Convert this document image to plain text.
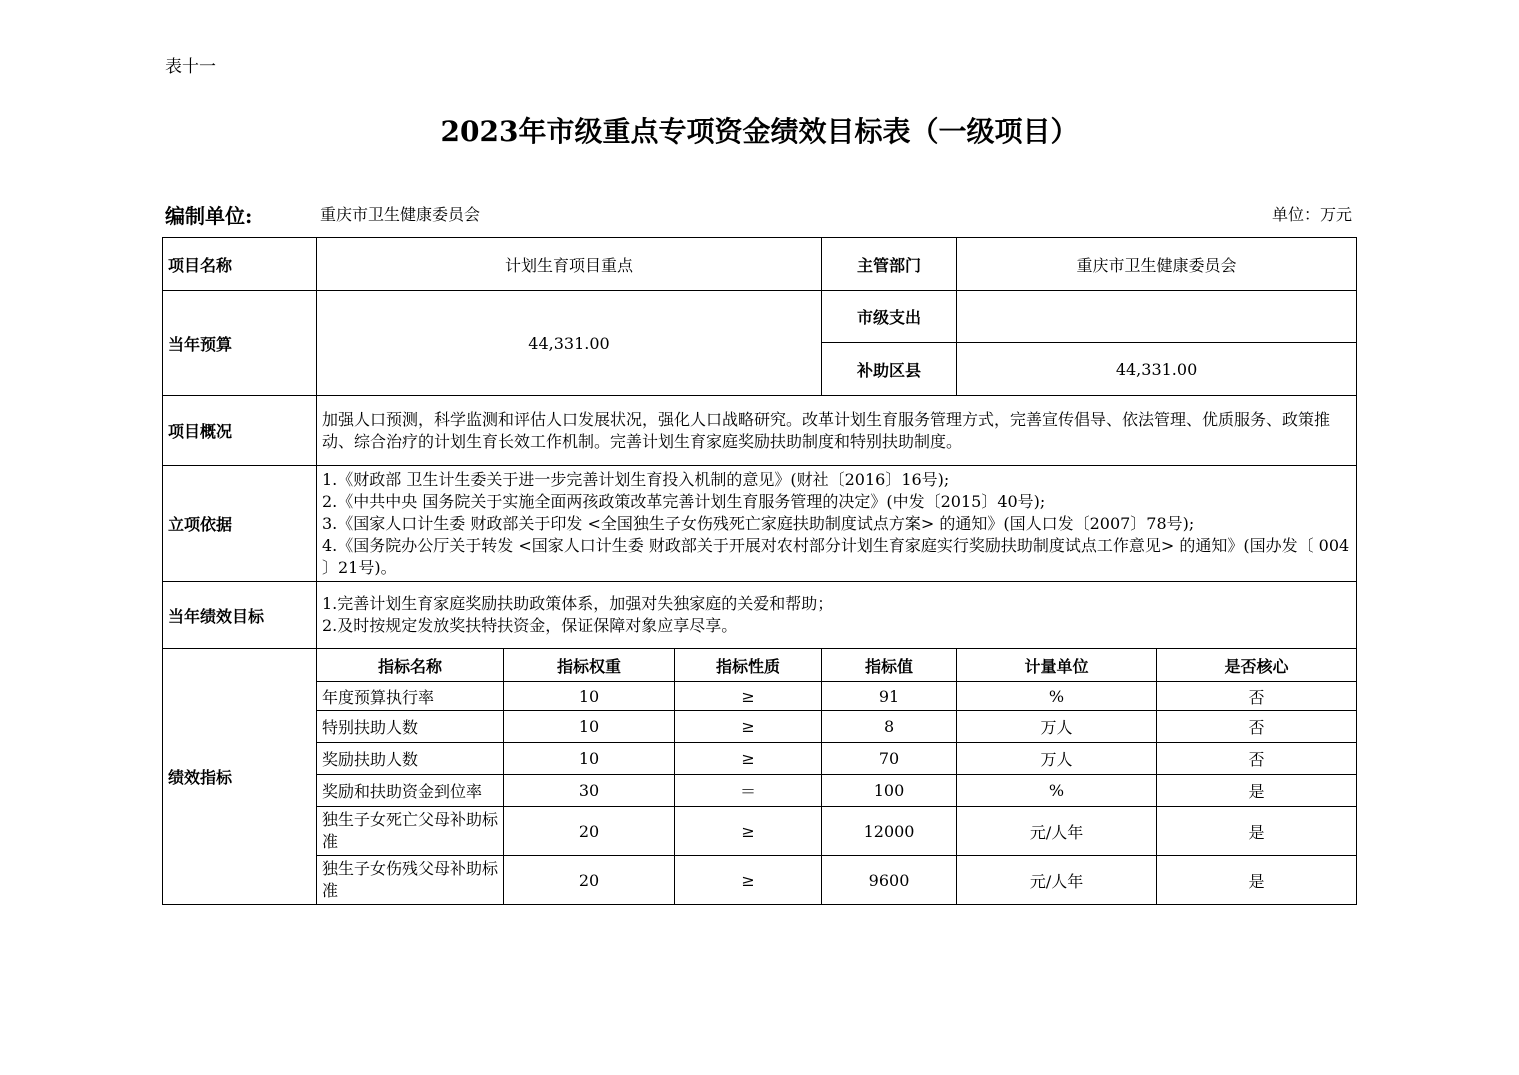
表十一
2023年市级重点专项资金绩效目标表（一级项目）
编制单位:	重庆市卫生健康委员会	单位：万元
项目名称	计划生育项目重点			主管部门	重庆市卫生健康委员会	
当年预算	44,331.00			市级支出		
				补助区县	44,331.00	
项目概况	加强人口预测，科学监测和评估人口发展状况，强化人口战略研究。改革计划生育服务管理方式，完善宣传倡导、依法管理、优质服务、政策推动、综合治疗的计划生育长效工作机制。完善计划生育家庭奖励扶助制度和特别扶助制度。					
立项依据	1.《财政部 卫生计生委关于进一步完善计划生育投入机制的意见》(财社〔2016〕16号);
2.《中共中央 国务院关于实施全面两孩政策改革完善计划生育服务管理的决定》(中发〔2015〕40号);
3.《国家人口计生委 财政部关于印发 <全国独生子女伤残死亡家庭扶助制度试点方案> 的通知》(国人口发〔2007〕78号);
4.《国务院办公厅关于转发 <国家人口计生委 财政部关于开展对农村部分计划生育家庭实行奖励扶助制度试点工作意见> 的通知》(国办发〔 004 〕21号)。					

当年绩效目标	1.完善计划生育家庭奖励扶助政策体系，加强对失独家庭的关爱和帮助；
2.及时按规定发放奖扶特扶资金，保证保障对象应享尽享。					

绩效指标	指标名称	指标权重	指标性质	指标值	计量单位	是否核心
	年度预算执行率	10	≥	91	%	否
	特别扶助人数	10	≥	8	万人	否
	奖励扶助人数	10	≥	70	万人	否
	奖励和扶助资金到位率	30	＝	100	%	是
	独生子女死亡父母补助标准	20	≥	12000	元/人年	是
	独生子女伤残父母补助标准	20	≥	9600	元/人年	是
